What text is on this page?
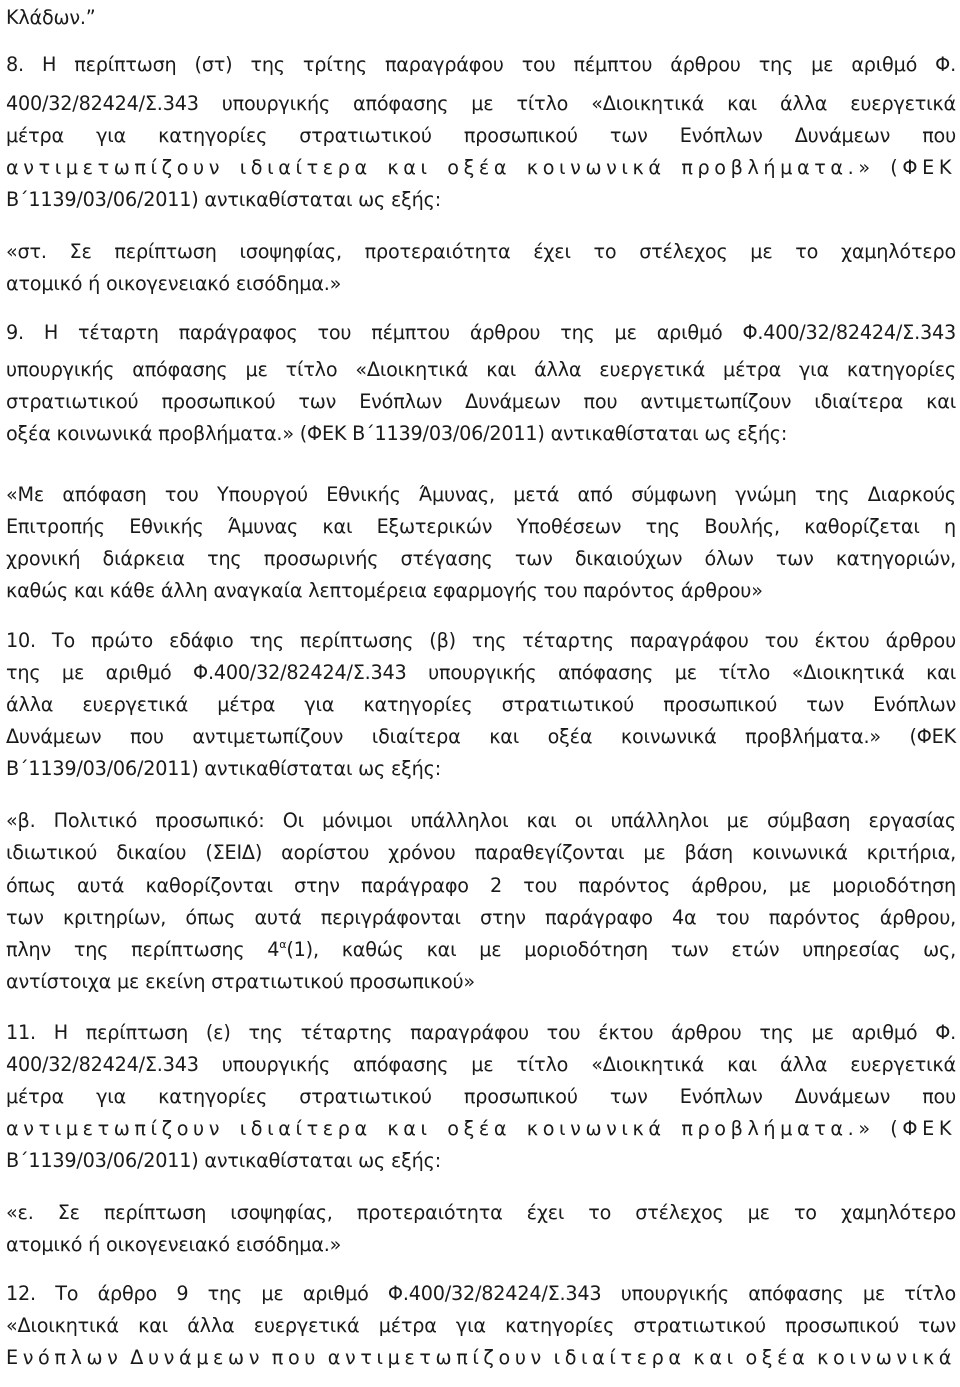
Κλάδων.”

8. Η περίπτωση (στ) της τρίτης παραγράφου του πέμπτου άρθρου της με αριθμό Φ.

400/32/82424/Σ.343 υπουργικής απόφασης με τίτλο «Διοικητικά και άλλα ευεργετικά

μέτρα για κατηγορίες στρατιωτικού προσωπικού των Ενόπλων Δυνάμεων που

αντιμετωπίζουν ιδιαίτερα και οξέα κοινωνικά προβλήματα.» (ΦΕΚ

Β΄1139/03/06/2011) αντικαθίσταται ως εξής:

«στ. Σε περίπτωση ισοψηφίας, προτεραιότητα έχει το στέλεχος με το χαμηλότερο

ατομικό ή οικογενειακό εισόδημα.»

9. Η τέταρτη παράγραφος του πέμπτου άρθρου της με αριθμό Φ.400/32/82424/Σ.343

υπουργικής απόφασης με τίτλο «Διοικητικά και άλλα ευεργετικά μέτρα για κατηγορίες

στρατιωτικού προσωπικού των Ενόπλων Δυνάμεων που αντιμετωπίζουν ιδιαίτερα και

οξέα κοινωνικά προβλήματα.» (ΦΕΚ Β΄1139/03/06/2011) αντικαθίσταται ως εξής:

«Με απόφαση του Υπουργού Εθνικής Άμυνας, μετά από σύμφωνη γνώμη της Διαρκούς

Επιτροπής Εθνικής Άμυνας και Εξωτερικών Υποθέσεων της Βουλής, καθορίζεται η

χρονική διάρκεια της προσωρινής στέγασης των δικαιούχων όλων των κατηγοριών,

καθώς και κάθε άλλη αναγκαία λεπτομέρεια εφαρμογής του παρόντος άρθρου»

10. Το πρώτο εδάφιο της περίπτωσης (β) της τέταρτης παραγράφου του έκτου άρθρου

της με αριθμό Φ.400/32/82424/Σ.343 υπουργικής απόφασης με τίτλο «Διοικητικά και

άλλα ευεργετικά μέτρα για κατηγορίες στρατιωτικού προσωπικού των Ενόπλων

Δυνάμεων που αντιμετωπίζουν ιδιαίτερα και οξέα κοινωνικά προβλήματα.» (ΦΕΚ

Β΄1139/03/06/2011) αντικαθίσταται ως εξής:

«β. Πολιτικό προσωπικό: Οι μόνιμοι υπάλληλοι και οι υπάλληλοι με σύμβαση εργασίας

ιδιωτικού δικαίου (ΣΕΙΔ) αορίστου χρόνου παραθεγίζονται με βάση κοινωνικά κριτήρια,

όπως αυτά καθορίζονται στην παράγραφο 2 του παρόντος άρθρου, με μοριοδότηση

των κριτηρίων, όπως αυτά περιγράφονται στην παράγραφο 4α του παρόντος άρθρου,

πλην της περίπτωσης $4^\alpha(1)$, καθώς και με μοριοδότηση των ετών υπηρεσίας ως,

αντίστοιχα με εκείνη στρατιωτικού προσωπικού»

11. Η περίπτωση (ε) της τέταρτης παραγράφου του έκτου άρθρου της με αριθμό Φ.

400/32/82424/Σ.343 υπουργικής απόφασης με τίτλο «Διοικητικά και άλλα ευεργετικά

μέτρα για κατηγορίες στρατιωτικού προσωπικού των Ενόπλων Δυνάμεων που

αντιμετωπίζουν ιδιαίτερα και οξέα κοινωνικά προβλήματα.» (ΦΕΚ

Β΄1139/03/06/2011) αντικαθίσταται ως εξής:

«ε. Σε περίπτωση ισοψηφίας, προτεραιότητα έχει το στέλεχος με το χαμηλότερο

ατομικό ή οικογενειακό εισόδημα.»

12. Το άρθρο 9 της με αριθμό Φ.400/32/82424/Σ.343 υπουργικής απόφασης με τίτλο

«Διοικητικά και άλλα ευεργετικά μέτρα για κατηγορίες στρατιωτικού προσωπικού των

Ενόπλων Δυνάμεων που αντιμετωπίζουν ιδιαίτερα και οξέα κοινωνικά
